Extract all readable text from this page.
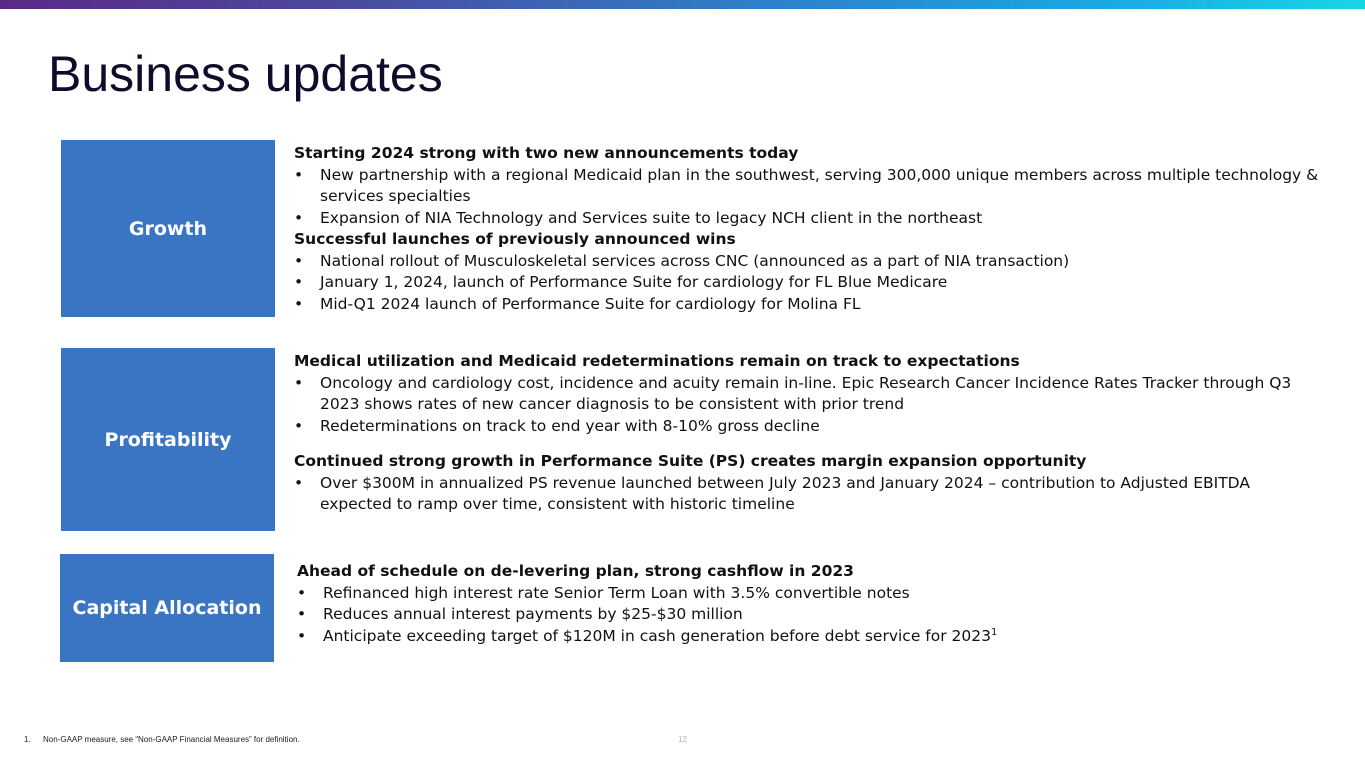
Business updates
Growth
Starting 2024 strong with two new announcements today
• New partnership with a regional Medicaid plan in the southwest, serving 300,000 unique members across multiple technology & services specialties
• Expansion of NIA Technology and Services suite to legacy NCH client in the northeast
Successful launches of previously announced wins
• National rollout of Musculoskeletal services across CNC (announced as a part of NIA transaction)
• January 1, 2024, launch of Performance Suite for cardiology for FL Blue Medicare
• Mid-Q1 2024 launch of Performance Suite for cardiology for Molina FL
Profitability
Medical utilization and Medicaid redeterminations remain on track to expectations
• Oncology and cardiology cost, incidence and acuity remain in-line. Epic Research Cancer Incidence Rates Tracker through Q3 2023 shows rates of new cancer diagnosis to be consistent with prior trend
• Redeterminations on track to end year with 8-10% gross decline
Continued strong growth in Performance Suite (PS) creates margin expansion opportunity
• Over $300M in annualized PS revenue launched between July 2023 and January 2024 – contribution to Adjusted EBITDA expected to ramp over time, consistent with historic timeline
Capital Allocation
Ahead of schedule on de-levering plan, strong cashflow in 2023
• Refinanced high interest rate Senior Term Loan with 3.5% convertible notes
• Reduces annual interest payments by $25-$30 million
• Anticipate exceeding target of $120M in cash generation before debt service for 2023$^1$
1. Non-GAAP measure, see “Non-GAAP Financial Measures” for definition.	12
